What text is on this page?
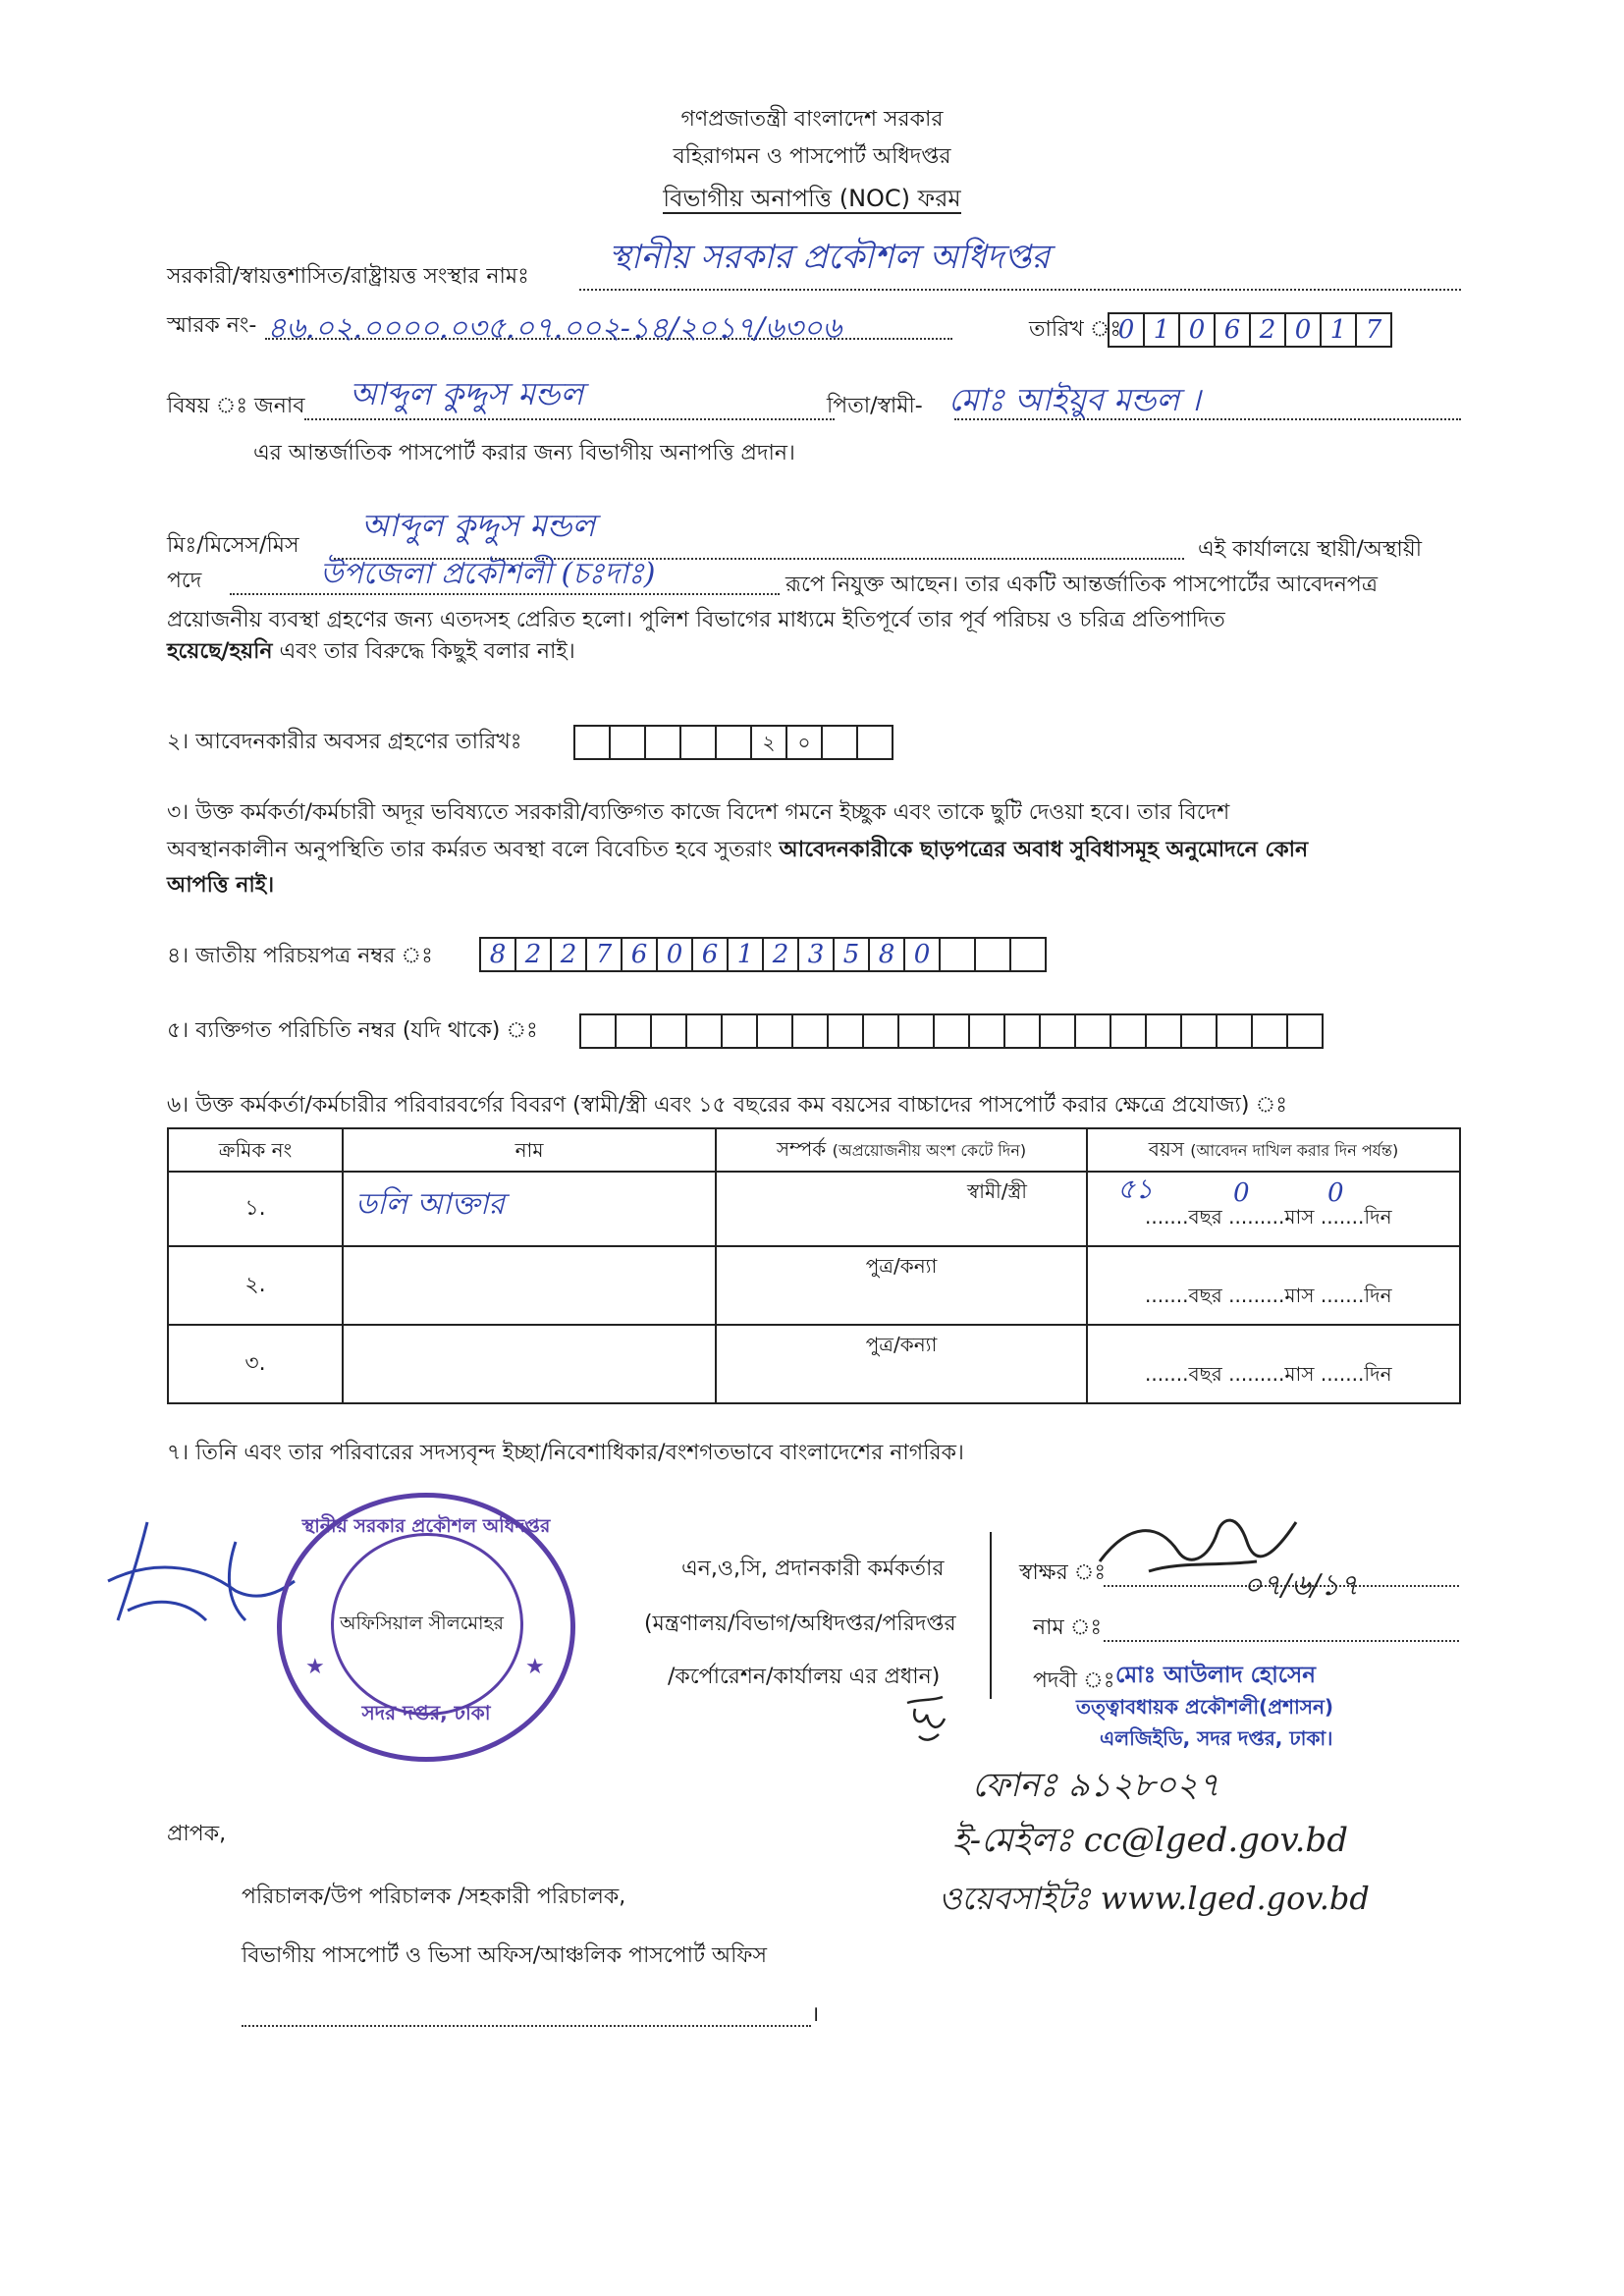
গণপ্রজাতন্ত্রী বাংলাদেশ সরকার
বহিরাগমন ও পাসপোর্ট অধিদপ্তর
বিভাগীয় অনাপত্তি (NOC) ফরম
সরকারী/স্বায়ত্তশাসিত/রাষ্ট্রায়ত্ত সংস্থার নামঃ স্থানীয় সরকার প্রকৌশল অধিদপ্তর
স্মারক নং- ৪৬.০২.০০০০.০৩৫.০৭.০০২-১৪/২০১৭/৬৩০৬	তারিখ ঃ
0 1 0 6 2 0 1 7
বিষয় ঃ জনাব আব্দুল কুদ্দুস মন্ডল	পিতা/স্বামী- মোঃ আইয়ুব মন্ডল ।
এর আন্তর্জাতিক পাসপোর্ট করার জন্য বিভাগীয় অনাপত্তি প্রদান।
মিঃ/মিসেস/মিস
আব্দুল কুদ্দুস মন্ডল
এই কার্যালয়ে স্থায়ী/অস্থায়ী
পদে	উপজেলা প্রকৌশলী (চঃদাঃ)	রূপে নিযুক্ত আছেন। তার একটি আন্তর্জাতিক পাসপোর্টের আবেদনপত্র
প্রয়োজনীয় ব্যবস্থা গ্রহণের জন্য এতদসহ প্রেরিত হলো। পুলিশ বিভাগের মাধ্যমে ইতিপূর্বে তার পূর্ব পরিচয় ও চরিত্র প্রতিপাদিত
হয়েছে/হয়নি এবং তার বিরুদ্ধে কিছুই বলার নাই।
২। আবেদনকারীর অবসর গ্রহণের তারিখঃ	২	০
৩। উক্ত কর্মকর্তা/কর্মচারী অদূর ভবিষ্যতে সরকারী/ব্যক্তিগত কাজে বিদেশ গমনে ইচ্ছুক এবং তাকে ছুটি দেওয়া হবে। তার বিদেশ
অবস্থানকালীন অনুপস্থিতি তার কর্মরত অবস্থা বলে বিবেচিত হবে সুতরাং আবেদনকারীকে ছাড়পত্রের অবাধ সুবিধাসমূহ অনুমোদনে কোন
আপত্তি নাই।
৪। জাতীয় পরিচয়পত্র নম্বর ঃ	8 2 2 7 6 0 6 1 2 3 5 8 0
৫। ব্যক্তিগত পরিচিতি নম্বর (যদি থাকে) ঃ
৬। উক্ত কর্মকর্তা/কর্মচারীর পরিবারবর্গের বিবরণ (স্বামী/স্ত্রী এবং ১৫ বছরের কম বয়সের বাচ্চাদের পাসপোর্ট করার ক্ষেত্রে প্রযোজ্য) ঃ
ক্রমিক নং	নাম	সম্পর্ক (অপ্রয়োজনীয় অংশ কেটে দিন)	বয়স (আবেদন দাখিল করার দিন পর্যন্ত)
১.	ডলি আক্তার	স্বামী/স্ত্রী	৫১ 0 0
.......বছর .........মাস .......দিন

২.		পুত্র/কন্যা	.......বছর .........মাস .......দিন

৩.		পুত্র/কন্যা	.......বছর .........মাস .......দিন
৭। তিনি এবং তার পরিবারের সদস্যবৃন্দ ইচ্ছা/নিবেশাধিকার/বংশগতভাবে বাংলাদেশের নাগরিক।
স্থানীয় সরকার প্রকৌশল অধিদপ্তর
সদর দপ্তর, ঢাকা
★	★
অফিসিয়াল সীলমোহর
এন,ও,সি, প্রদানকারী কর্মকর্তার
(মন্ত্রণালয়/বিভাগ/অধিদপ্তর/পরিদপ্তর
/কর্পোরেশন/কার্যালয় এর প্রধান)
স্বাক্ষর ঃ	০৭/৬/১৭
নাম ঃ
পদবী ঃ মোঃ আউলাদ হোসেন
তত্ত্বাবধায়ক প্রকৌশলী(প্রশাসন)
এলজিইডি, সদর দপ্তর, ঢাকা।
ফোনঃ ৯১২৮০২৭
ই-মেইলঃ cc@lged.gov.bd
ওয়েবসাইটঃ www.lged.gov.bd
প্রাপক,
পরিচালক/উপ পরিচালক /সহকারী পরিচালক,
বিভাগীয় পাসপোর্ট ও ভিসা অফিস/আঞ্চলিক পাসপোর্ট অফিস
।
